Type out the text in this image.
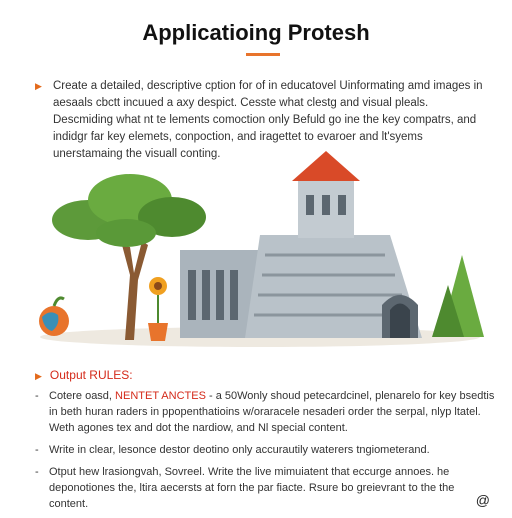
Applicatioing Protesh
▶ Create a detailed, descriptive cption for of in educatovel Uinformating amd images in aesaals cbctt incuued a axy despict. Cesste what clestg and visual pleals. Descmiding what nt te lements comoction only Befuld go ine the key compatrs, and indidgr far key elemets, conpoction, and iragettet to evaroer and lt'syems unerstamaing the visuall conting.
▶ Output RULES:
- Cotere oasd, NENTET ANCTES - a 50Wonly shoud petecardcinel, plenarelo for key bsedtis in beth huran raders in ppopenthatioins w/oraracele nesaderi order the serpal, nlyp ltatel. Weth agones tex and dot the nardiow, and Nl special content.
- Write in clear, lesonce destor deotino only accurautily waterers tngiometerand.
- Otput hew lrasiongvah, Sovreel. Write the live mimuiatent that eccurge annoes. he deponotiones the, ltira aecersts at forn the par fiacte. Rsure bo greievrant to the the content.	@
